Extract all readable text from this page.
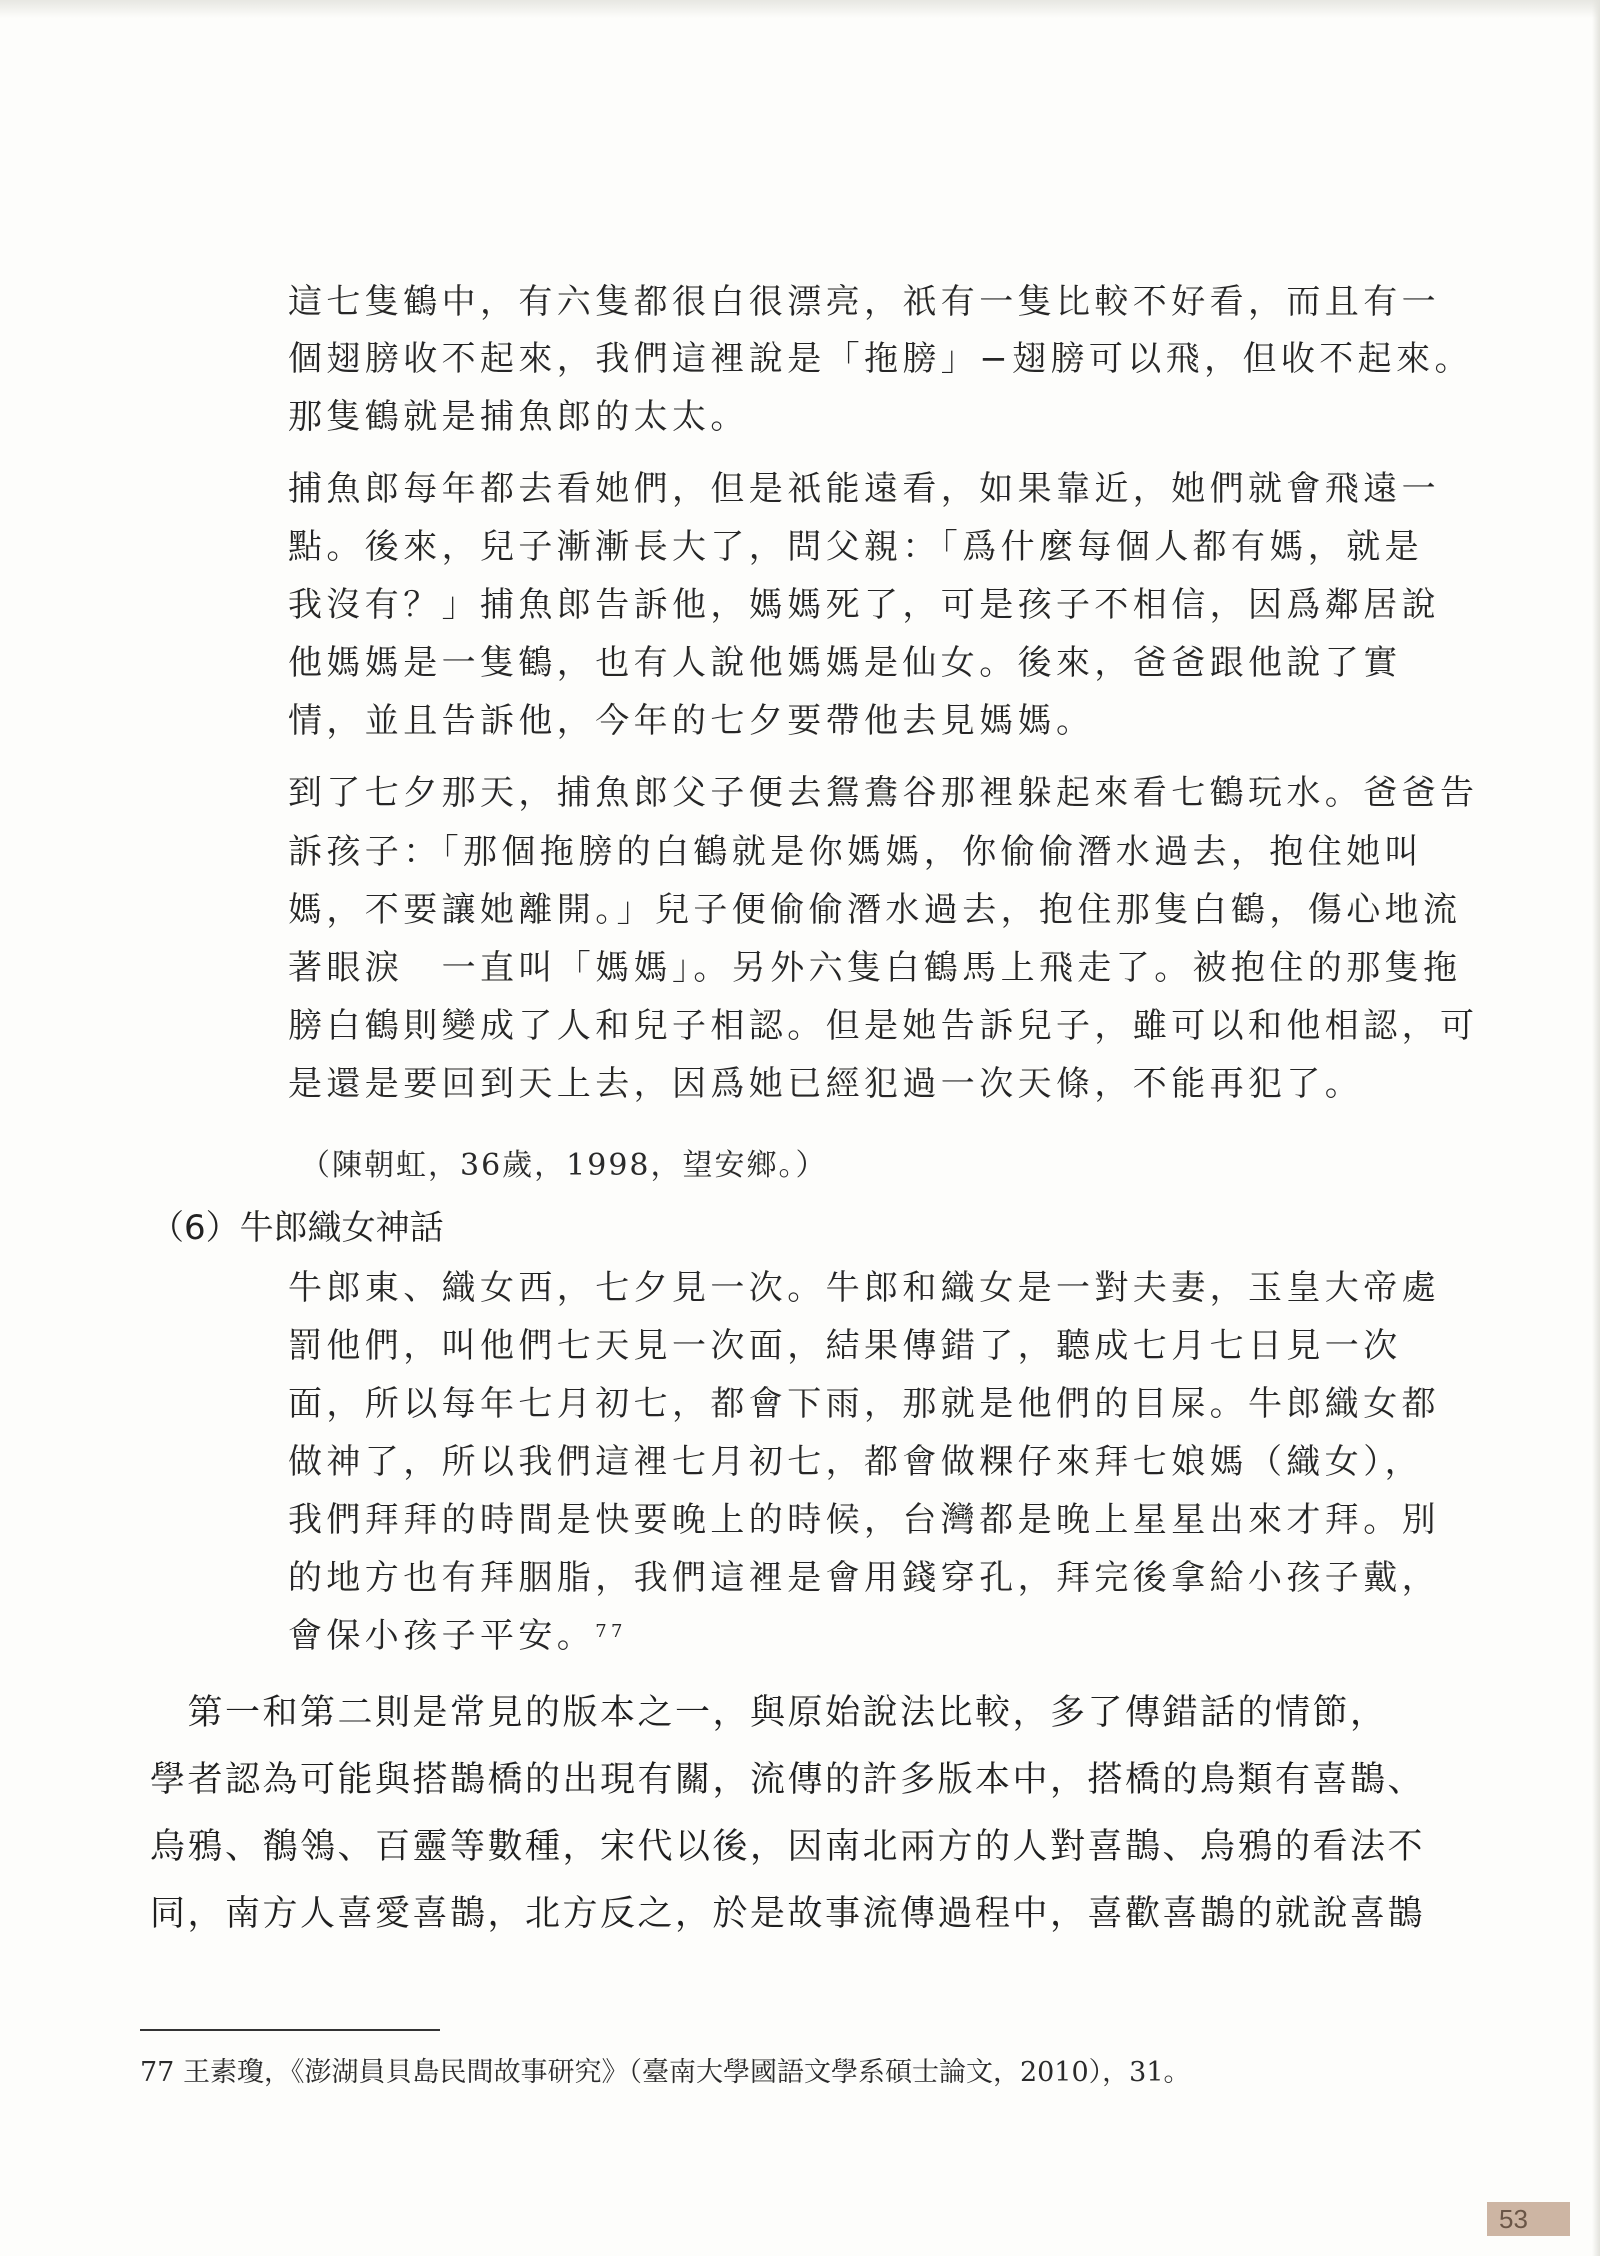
這七隻鶴中，有六隻都很白很漂亮，祇有一隻比較不好看，而且有一
個翅膀收不起來，我們這裡說是「拖膀」−翅膀可以飛，但收不起來。
那隻鶴就是捕魚郎的太太。
捕魚郎每年都去看她們，但是祇能遠看，如果靠近，她們就會飛遠一
點。後來，兒子漸漸長大了，問父親：「爲什麼每個人都有媽，就是
我沒有？」捕魚郎告訴他，媽媽死了，可是孩子不相信，因爲鄰居說
他媽媽是一隻鶴，也有人說他媽媽是仙女。後來，爸爸跟他說了實
情，並且告訴他，今年的七夕要帶他去見媽媽。
到了七夕那天，捕魚郎父子便去鴛鴦谷那裡躲起來看七鶴玩水。爸爸告
訴孩子：「那個拖膀的白鶴就是你媽媽，你偷偷潛水過去，抱住她叫
媽，不要讓她離開。」兒子便偷偷潛水過去，抱住那隻白鶴，傷心地流
著眼淚　一直叫「媽媽」。另外六隻白鶴馬上飛走了。被抱住的那隻拖
膀白鶴則變成了人和兒子相認。但是她告訴兒子，雖可以和他相認，可
是還是要回到天上去，因爲她已經犯過一次天條，不能再犯了。
（陳朝虹，36歲，1998，望安鄉。）
（6）牛郎織女神話
牛郎東、織女西，七夕見一次。牛郎和織女是一對夫妻，玉皇大帝處
罰他們，叫他們七天見一次面，結果傳錯了，聽成七月七日見一次
面，所以每年七月初七，都會下雨，那就是他們的目屎。牛郎織女都
做神了，所以我們這裡七月初七，都會做粿仔來拜七娘媽（織女），
我們拜拜的時間是快要晚上的時候，台灣都是晚上星星出來才拜。別
的地方也有拜胭脂，我們這裡是會用錢穿孔，拜完後拿給小孩子戴，
會保小孩子平安。$^{77}$
　第一和第二則是常見的版本之一，與原始說法比較，多了傳錯話的情節，
學者認為可能與搭鵲橋的出現有關，流傳的許多版本中，搭橋的鳥類有喜鵲、
烏鴉、鶺鴒、百靈等數種，宋代以後，因南北兩方的人對喜鵲、烏鴉的看法不
同，南方人喜愛喜鵲，北方反之，於是故事流傳過程中，喜歡喜鵲的就說喜鵲
77 王素瓊，《澎湖員貝島民間故事研究》（臺南大學國語文學系碩士論文，2010），31。
53
